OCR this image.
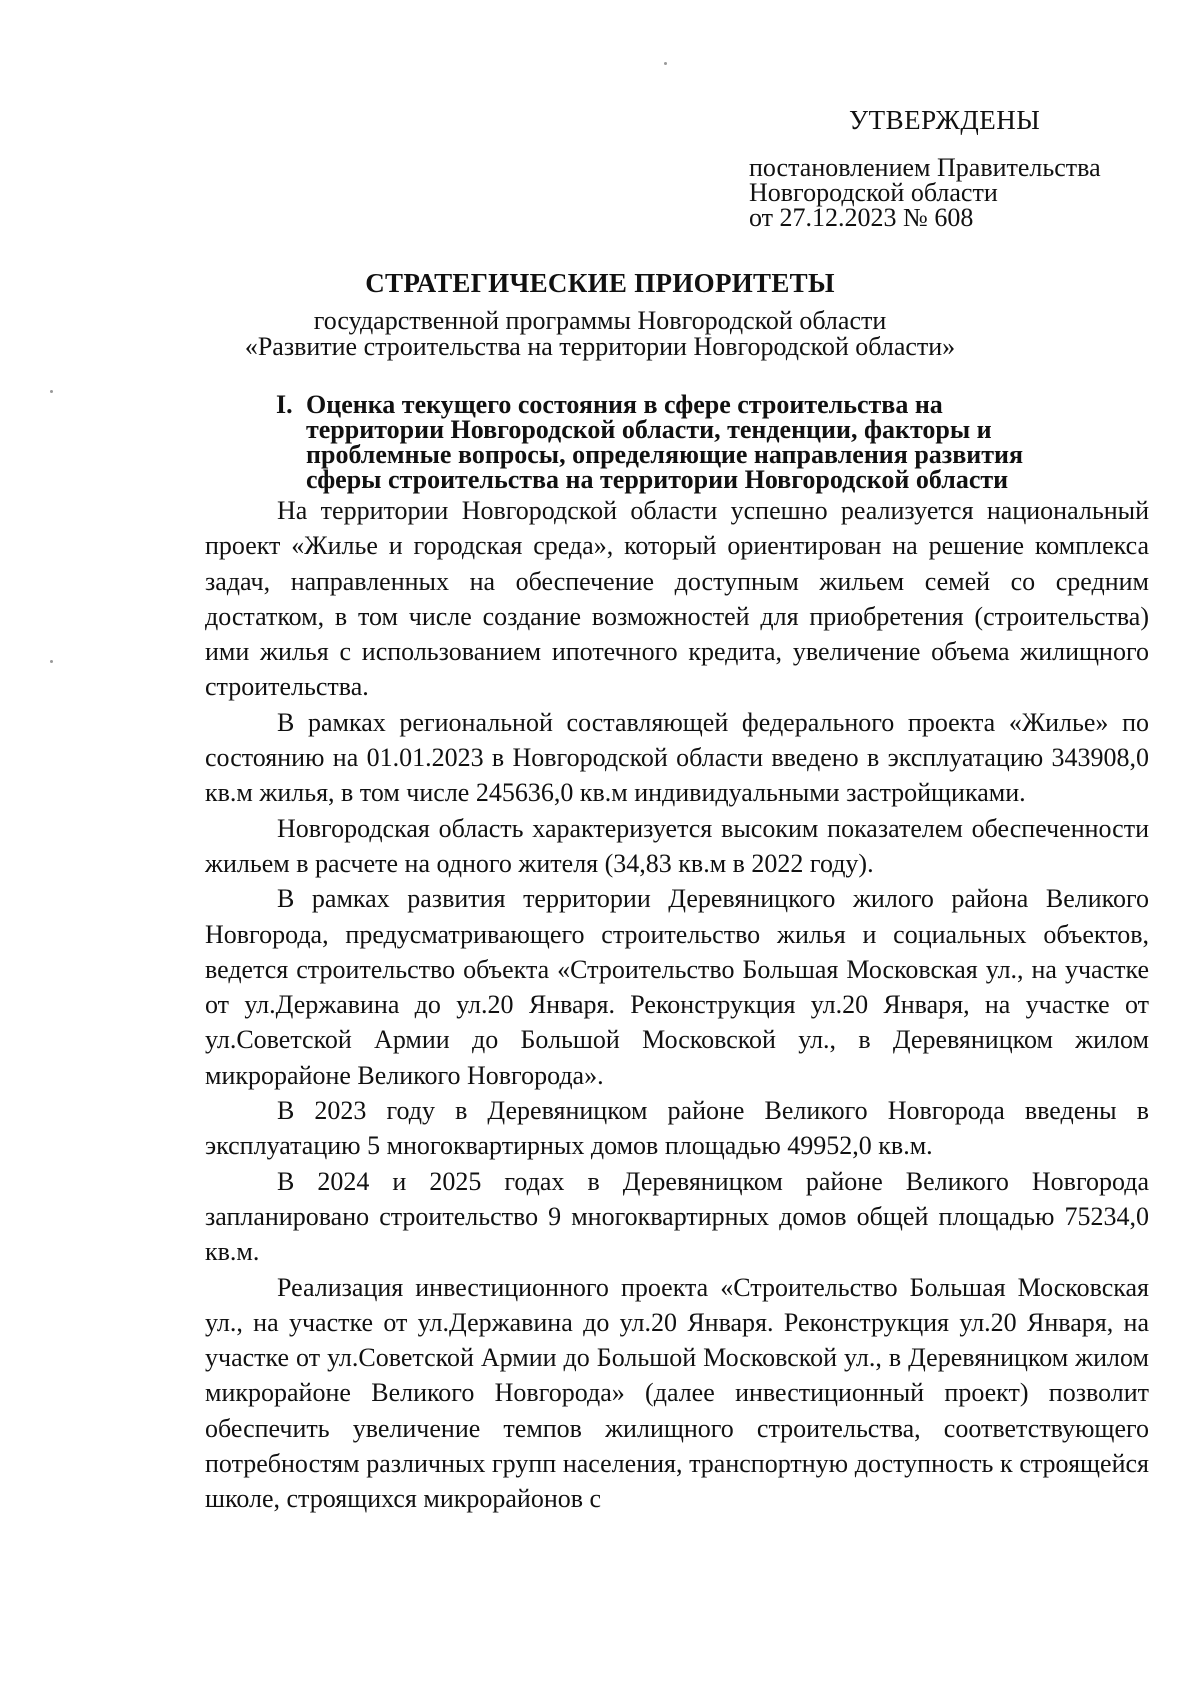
УТВЕРЖДЕНЫ
постановлением Правительства
Новгородской области
от 27.12.2023 № 608
СТРАТЕГИЧЕСКИЕ ПРИОРИТЕТЫ
государственной программы Новгородской области
«Развитие строительства на территории Новгородской области»
I. Оценка текущего состояния в сфере строительства на
территории Новгородской области, тенденции, факторы и
проблемные вопросы, определяющие направления развития
сферы строительства на территории Новгородской области

На территории Новгородской области успешно реализуется национальный проект «Жилье и городская среда», который ориентирован на решение комплекса задач, направленных на обеспечение доступным жильем семей со средним достатком, в том числе создание возможностей для приобретения (строительства) ими жилья с использованием ипотечного кредита, увеличение объема жилищного строительства.

В рамках региональной составляющей федерального проекта «Жилье» по состоянию на 01.01.2023 в Новгородской области введено в эксплуатацию 343908,0 кв.м жилья, в том числе 245636,0 кв.м индивидуальными застройщиками.

Новгородская область характеризуется высоким показателем обеспеченности жильем в расчете на одного жителя (34,83 кв.м в 2022 году).

В рамках развития территории Деревяницкого жилого района Великого Новгорода, предусматривающего строительство жилья и социальных объектов, ведется строительство объекта «Строительство Большая Московская ул., на участке от ул.Державина до ул.20 Января. Реконструкция ул.20 Января, на участке от ул.Советской Армии до Большой Московской ул., в Деревяницком жилом микрорайоне Великого Новгорода».

В 2023 году в Деревяницком районе Великого Новгорода введены в эксплуатацию 5 многоквартирных домов площадью 49952,0 кв.м.

В 2024 и 2025 годах в Деревяницком районе Великого Новгорода запланировано строительство 9 многоквартирных домов общей площадью 75234,0 кв.м.

Реализация инвестиционного проекта «Строительство Большая Московская ул., на участке от ул.Державина до ул.20 Января. Реконструкция ул.20 Января, на участке от ул.Советской Армии до Большой Московской ул., в Деревяницком жилом микрорайоне Великого Новгорода» (далее инвестиционный проект) позволит обеспечить увеличение темпов жилищного строительства, соответствующего потребностям различных групп населения, транспортную доступность к строящейся школе, строящихся микрорайонов с
